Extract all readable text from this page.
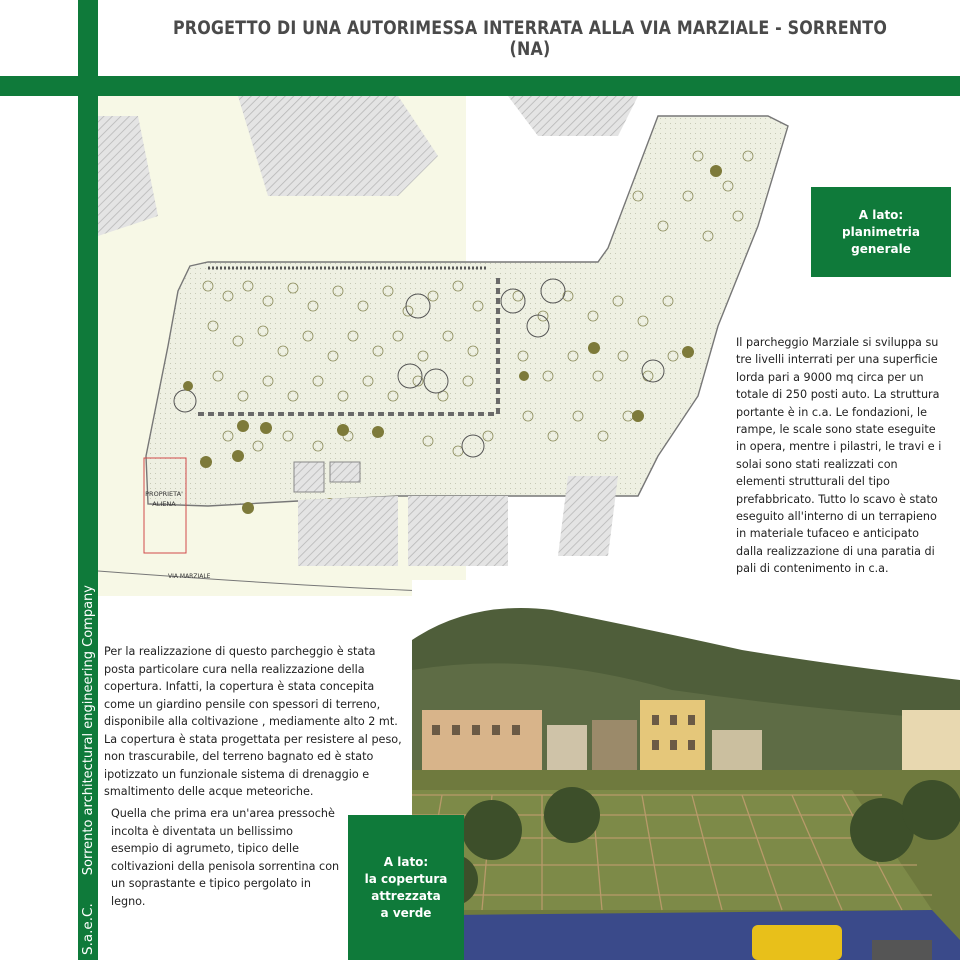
PROGETTO DI UNA AUTORIMESSA INTERRATA ALLA VIA MARZIALE - SORRENTO (NA)
S.a.e.C.
Sorrento architectural engineering Company
PROPRIETA'
ALIENA
VIA MARZIALE
A lato:
planimetria
generale
Il parcheggio Marziale si sviluppa su tre livelli interrati per una superficie lorda pari a 9000 mq circa per un totale di 250 posti auto. La struttura portante è in c.a. Le fondazioni, le rampe, le scale sono state eseguite in opera, mentre i pilastri, le travi e i solai sono stati realizzati con elementi strutturali del tipo prefabbricato. Tutto lo scavo è stato eseguito all'interno di un terrapieno in materiale tufaceo e anticipato dalla realizzazione di una paratia di pali di contenimento in c.a.
Per la realizzazione di questo parcheggio è stata posta particolare cura nella realizzazione della copertura. Infatti, la copertura è stata concepita come un giardino pensile con spessori di terreno, disponibile alla coltivazione , mediamente alto 2 mt. La copertura è stata progettata per resistere al peso, non trascurabile, del terreno bagnato ed è stato ipotizzato un funzionale sistema di drenaggio e smaltimento delle acque meteoriche.
Quella che prima era un'area pressochè incolta è diventata un bellissimo esempio di agrumeto, tipico delle coltivazioni della penisola sorrentina con un soprastante e tipico pergolato in legno.
A lato:
la copertura
attrezzata
a verde
